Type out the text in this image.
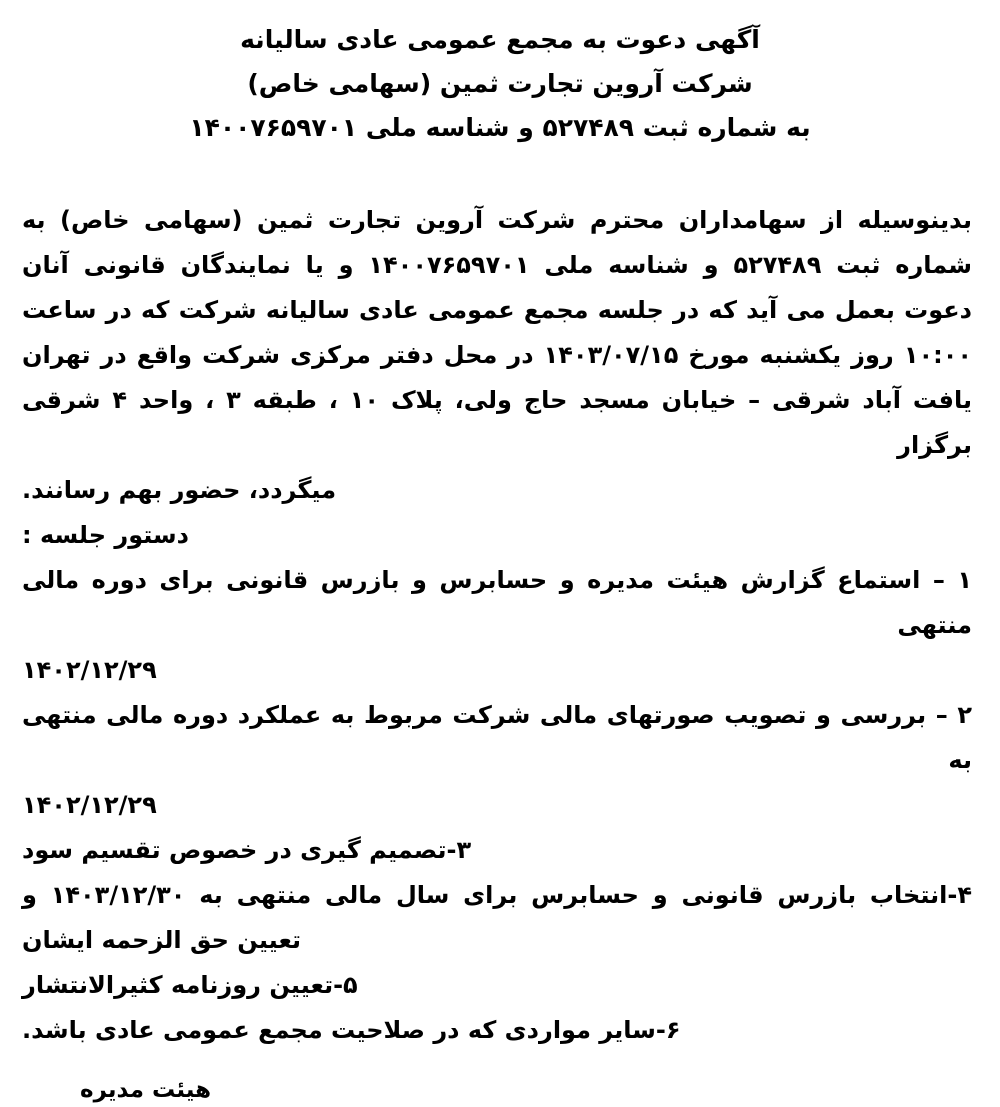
آگهی دعوت به مجمع عمومی عادی سالیانه
شرکت آروین تجارت ثمین (سهامی خاص)
به شماره ثبت ۵۲۷۴۸۹ و شناسه ملی ۱۴۰۰۷۶۵۹۷۰۱
بدینوسیله از سهامداران محترم شرکت آروین تجارت ثمین (سهامی خاص) به شماره ثبت ۵۲۷۴۸۹ و شناسه ملی ۱۴۰۰۷۶۵۹۷۰۱ و یا نمایندگان قانونی آنان دعوت بعمل می آید که در جلسه مجمع عمومی عادی سالیانه شرکت که در ساعت ۱۰:۰۰ روز یکشنبه مورخ ۱۴۰۳/۰۷/۱۵ در محل دفتر مرکزی شرکت واقع در تهران یافت آباد شرقی – خیابان مسجد حاج ولی، پلاک ۱۰ ، طبقه ۳ ، واحد ۴ شرقی برگزار
میگردد، حضور بهم رسانند.
دستور جلسه :
۱ – استماع گزارش هیئت مدیره و حسابرس و بازرس قانونی برای دوره مالی منتهی
۱۴۰۲/۱۲/۲۹
۲ – بررسی و تصویب صورتهای مالی شرکت مربوط به عملکرد دوره مالی منتهی به
۱۴۰۲/۱۲/۲۹
۳-تصمیم گیری در خصوص تقسیم سود
۴-انتخاب بازرس قانونی و حسابرس برای سال مالی منتهی به ۱۴۰۳/۱۲/۳۰ و
تعیین حق الزحمه ایشان
۵-تعیین روزنامه کثیرالانتشار
۶-سایر مواردی که در صلاحیت مجمع عمومی عادی باشد.
هیئت مدیره
